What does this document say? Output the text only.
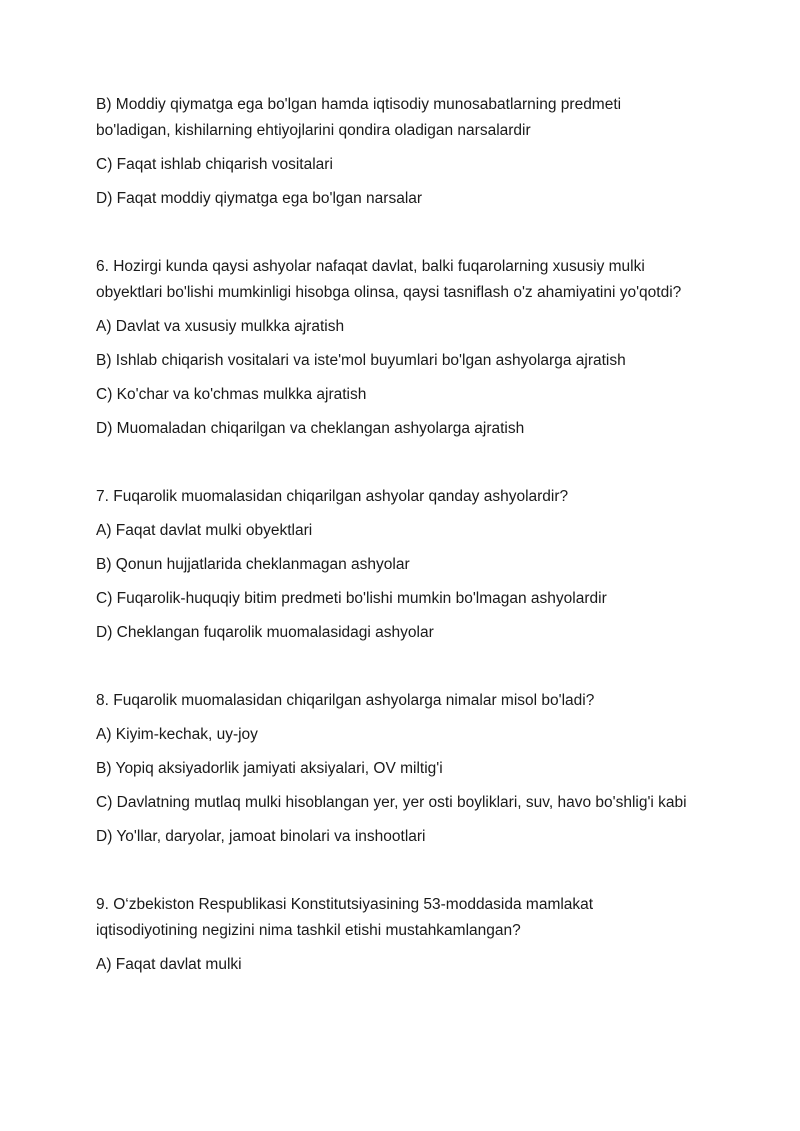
B) Moddiy qiymatga ega bo'lgan hamda iqtisodiy munosabatlarning predmeti bo'ladigan, kishilarning ehtiyojlarini qondira oladigan narsalardir

C) Faqat ishlab chiqarish vositalari

D) Faqat moddiy qiymatga ega bo'lgan narsalar

6. Hozirgi kunda qaysi ashyolar nafaqat davlat, balki fuqarolarning xususiy mulki obyektlari bo'lishi mumkinligi hisobga olinsa, qaysi tasniflash o'z ahamiyatini yo'qotdi?

A) Davlat va xususiy mulkka ajratish

B) Ishlab chiqarish vositalari va iste'mol buyumlari bo'lgan ashyolarga ajratish

C) Ko'char va ko'chmas mulkka ajratish

D) Muomaladan chiqarilgan va cheklangan ashyolarga ajratish

7. Fuqarolik muomalasidan chiqarilgan ashyolar qanday ashyolardir?

A) Faqat davlat mulki obyektlari

B) Qonun hujjatlarida cheklanmagan ashyolar

C) Fuqarolik-huquqiy bitim predmeti bo'lishi mumkin bo'lmagan ashyolardir

D) Cheklangan fuqarolik muomalasidagi ashyolar

8. Fuqarolik muomalasidan chiqarilgan ashyolarga nimalar misol bo'ladi?

A) Kiyim-kechak, uy-joy

B) Yopiq aksiyadorlik jamiyati aksiyalari, OV miltig'i

C) Davlatning mutlaq mulki hisoblangan yer, yer osti boyliklari, suv, havo bo'shlig'i kabi

D) Yo'llar, daryolar, jamoat binolari va inshootlari

9. O‘zbekiston Respublikasi Konstitutsiyasining 53-moddasida mamlakat iqtisodiyotining negizini nima tashkil etishi mustahkamlangan?

A) Faqat davlat mulki
